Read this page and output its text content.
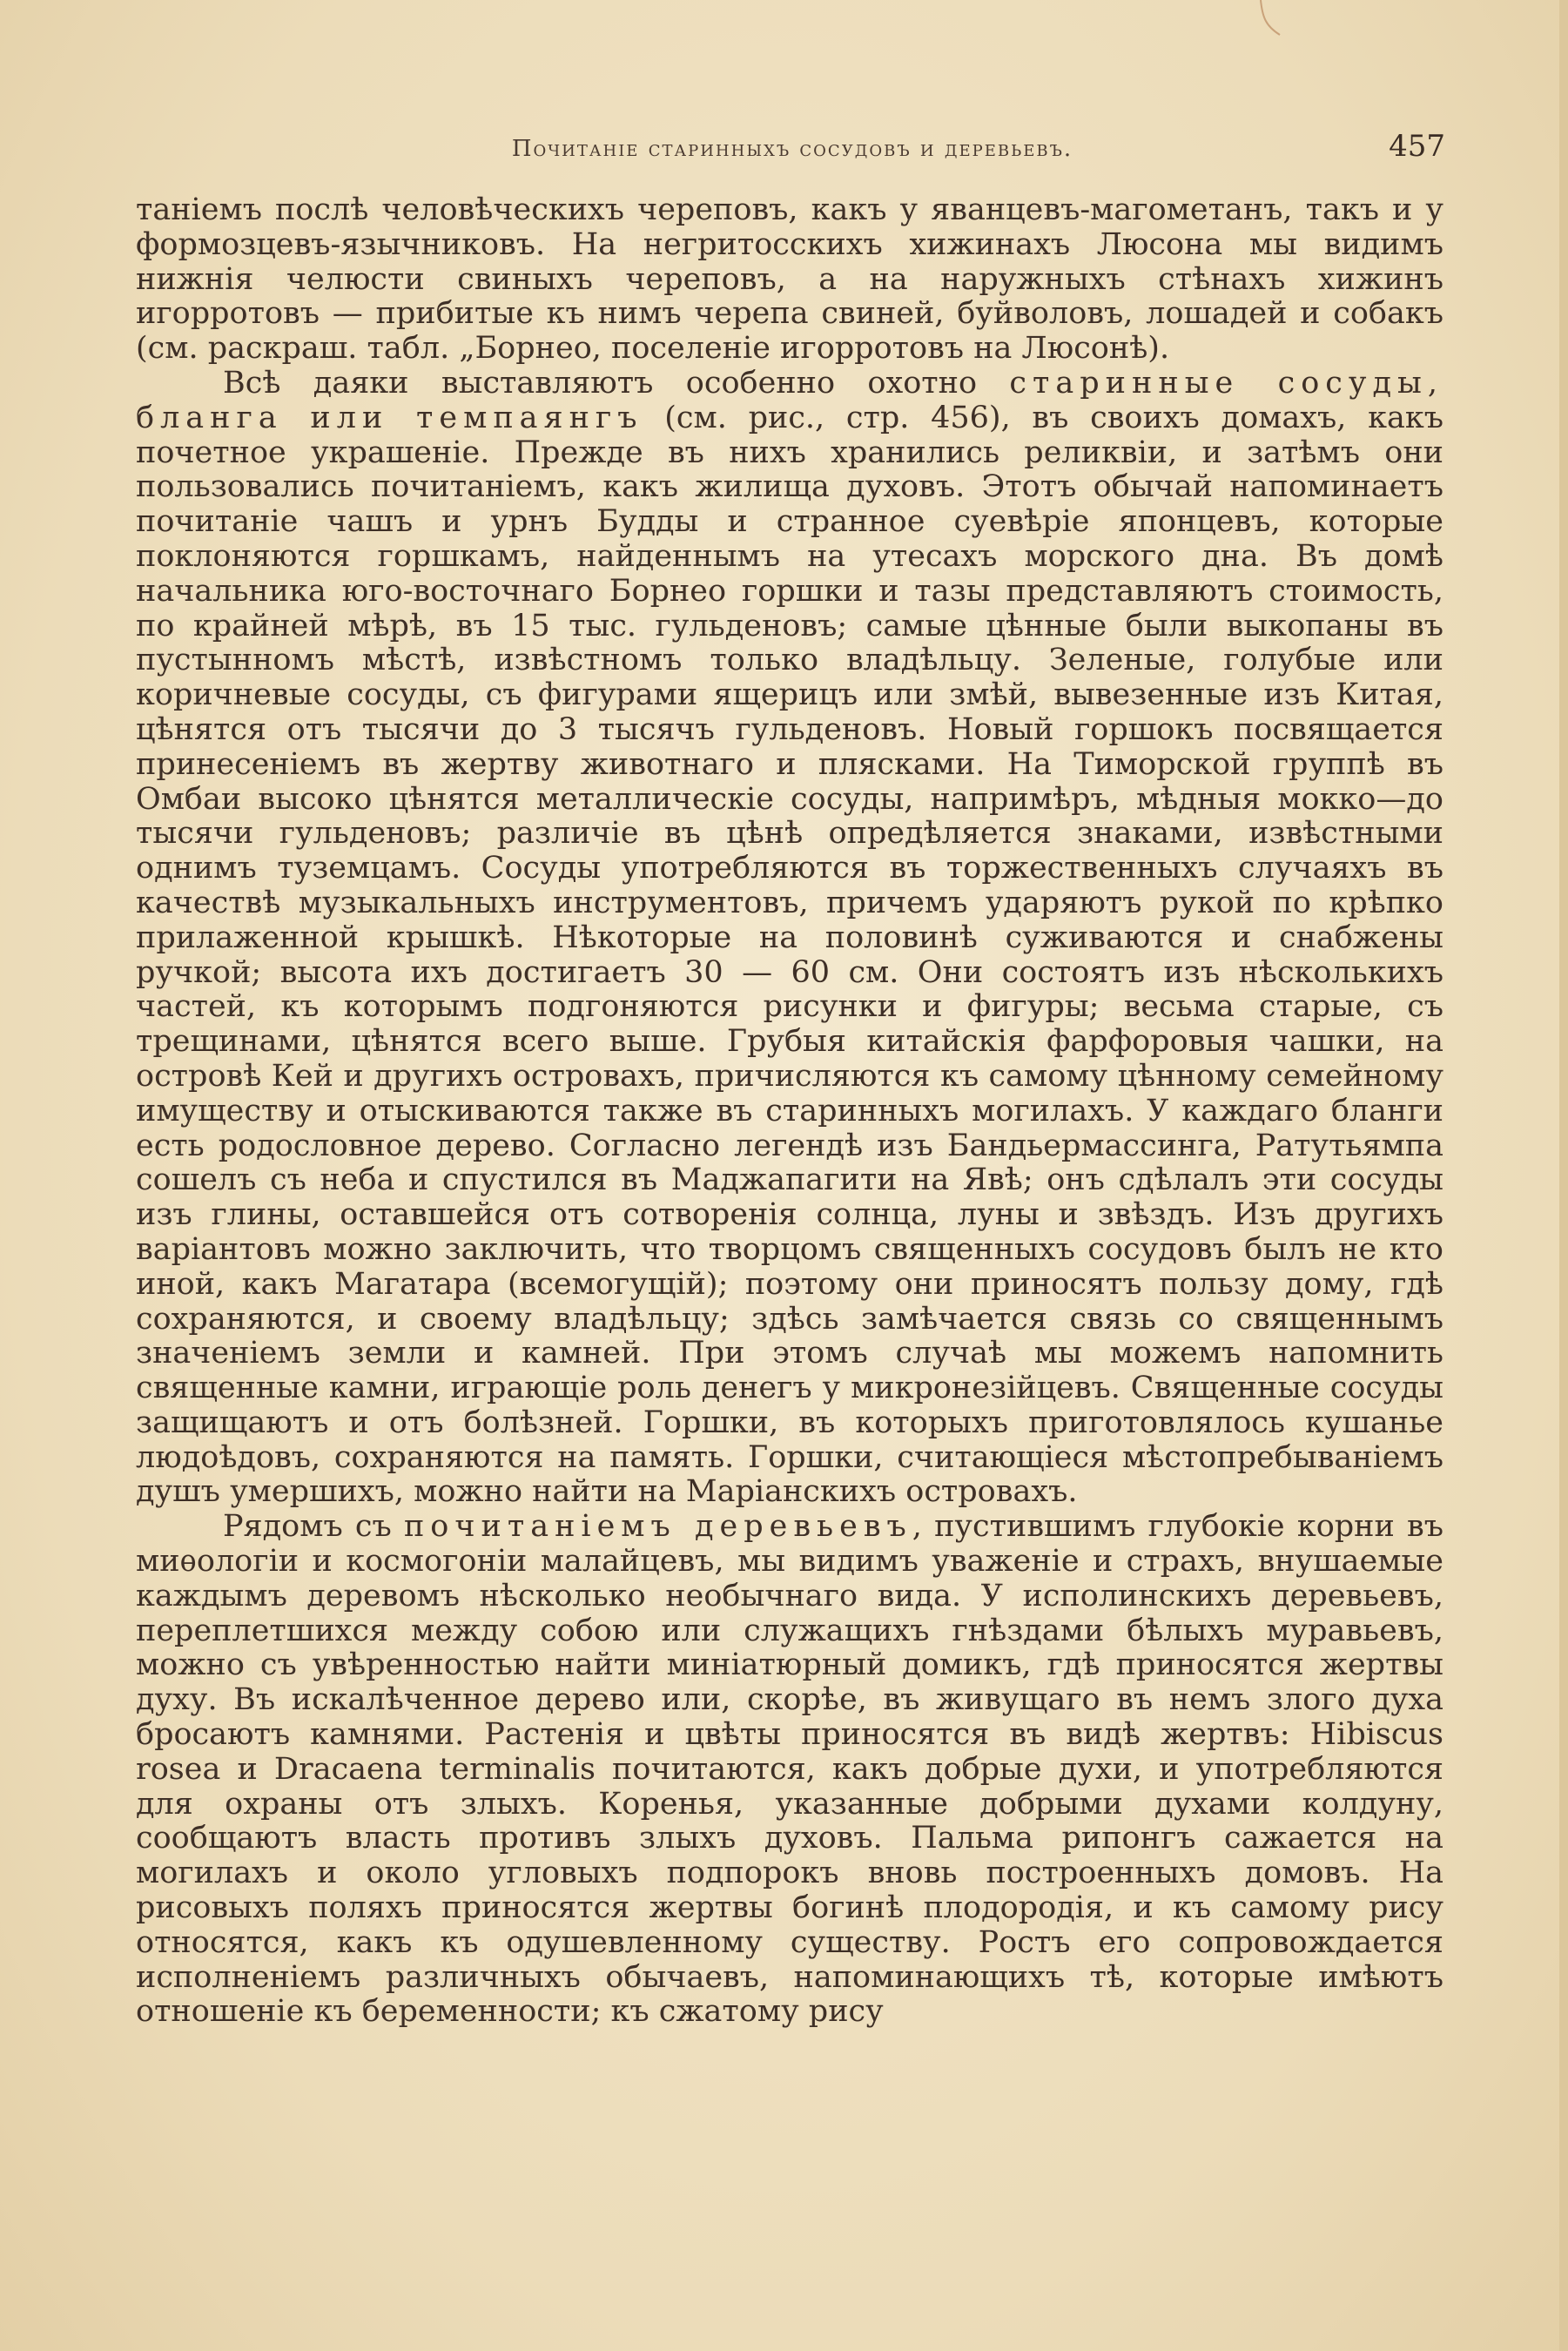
Почитаніе старинныхъ сосудовъ и деревьевъ.	457

таніемъ послѣ человѣческихъ череповъ, какъ у яванцевъ-магометанъ, такъ и у формозцевъ-язычниковъ. На негритосскихъ хижинахъ Люсона мы видимъ нижнія челюсти свиныхъ череповъ, а на наружныхъ стѣнахъ хижинъ игорротовъ — прибитые къ нимъ черепа свиней, буйволовъ, лошадей и собакъ (см. раскраш. табл. „Борнео, поселеніе игорротовъ на Люсонѣ).

Всѣ даяки выставляютъ особенно охотно старинные сосуды, бланга или темпаянгъ (см. рис., стр. 456), въ своихъ домахъ, какъ почетное украшеніе. Прежде въ нихъ хранились реликвіи, и затѣмъ они пользовались почитаніемъ, какъ жилища духовъ. Этотъ обычай напоминаетъ почитаніе чашъ и урнъ Будды и странное суевѣріе японцевъ, которые поклоняются горшкамъ, найденнымъ на утесахъ морского дна. Въ домѣ начальника юго-восточнаго Борнео горшки и тазы представляютъ стоимость, по крайней мѣрѣ, въ 15 тыс. гульденовъ; самые цѣнные были выкопаны въ пустынномъ мѣстѣ, извѣстномъ только владѣльцу. Зеленые, голубые или коричневые сосуды, съ фигурами ящерицъ или змѣй, вывезенные изъ Китая, цѣнятся отъ тысячи до 3 тысячъ гульденовъ. Новый горшокъ посвящается принесеніемъ въ жертву животнаго и плясками. На Тиморской группѣ въ Омбаи высоко цѣнятся металлическіе сосуды, напримѣръ, мѣдныя мокко—до тысячи гульденовъ; различіе въ цѣнѣ опредѣляется знаками, извѣстными однимъ туземцамъ. Сосуды употребляются въ торжественныхъ случаяхъ въ качествѣ музыкальныхъ инструментовъ, причемъ ударяютъ рукой по крѣпко прилаженной крышкѣ. Нѣкоторые на половинѣ суживаются и снабжены ручкой; высота ихъ достигаетъ 30 — 60 см. Они состоятъ изъ нѣсколькихъ частей, къ которымъ подгоняются рисунки и фигуры; весьма старые, съ трещинами, цѣнятся всего выше. Грубыя китайскія фарфоровыя чашки, на островѣ Кей и другихъ островахъ, причисляются къ самому цѣнному семейному имуществу и отыскиваются также въ старинныхъ могилахъ. У каждаго бланги есть родословное дерево. Согласно легендѣ изъ Бандьермассинга, Ратутьямпа сошелъ съ неба и спустился въ Маджапагити на Явѣ; онъ сдѣлалъ эти сосуды изъ глины, оставшейся отъ сотворенія солнца, луны и звѣздъ. Изъ другихъ варіантовъ можно заключить, что творцомъ священныхъ сосудовъ былъ не кто иной, какъ Магатара (всемогущій); поэтому они приносятъ пользу дому, гдѣ сохраняются, и своему владѣльцу; здѣсь замѣчается связь со священнымъ значеніемъ земли и камней. При этомъ случаѣ мы можемъ напомнить священные камни, играющіе роль денегъ у микронезійцевъ. Священные сосуды защищаютъ и отъ болѣзней. Горшки, въ которыхъ приготовлялось кушанье людоѣдовъ, сохраняются на память. Горшки, считающіеся мѣстопребываніемъ душъ умершихъ, можно найти на Маріанскихъ островахъ.

Рядомъ съ почитаніемъ деревьевъ, пустившимъ глубокіе корни въ миѳологіи и космогоніи малайцевъ, мы видимъ уваженіе и страхъ, внушаемые каждымъ деревомъ нѣсколько необычнаго вида. У исполинскихъ деревьевъ, переплетшихся между собою или служащихъ гнѣздами бѣлыхъ муравьевъ, можно съ увѣренностью найти миніатюрный домикъ, гдѣ приносятся жертвы духу. Въ искалѣченное дерево или, скорѣе, въ живущаго въ немъ злого духа бросаютъ камнями. Растенія и цвѣты приносятся въ видѣ жертвъ: Hibiscus rosea и Dracaena terminalis почитаются, какъ добрые духи, и употребляются для охраны отъ злыхъ. Коренья, указанные добрыми духами колдуну, сообщаютъ власть противъ злыхъ духовъ. Пальма рипонгъ сажается на могилахъ и около угловыхъ подпорокъ вновь построенныхъ домовъ. На рисовыхъ поляхъ приносятся жертвы богинѣ плодородія, и къ самому рису относятся, какъ къ одушевленному существу. Ростъ его сопровождается исполненіемъ различныхъ обычаевъ, напоминающихъ тѣ, которые имѣютъ отношеніе къ беременности; къ сжатому рису
